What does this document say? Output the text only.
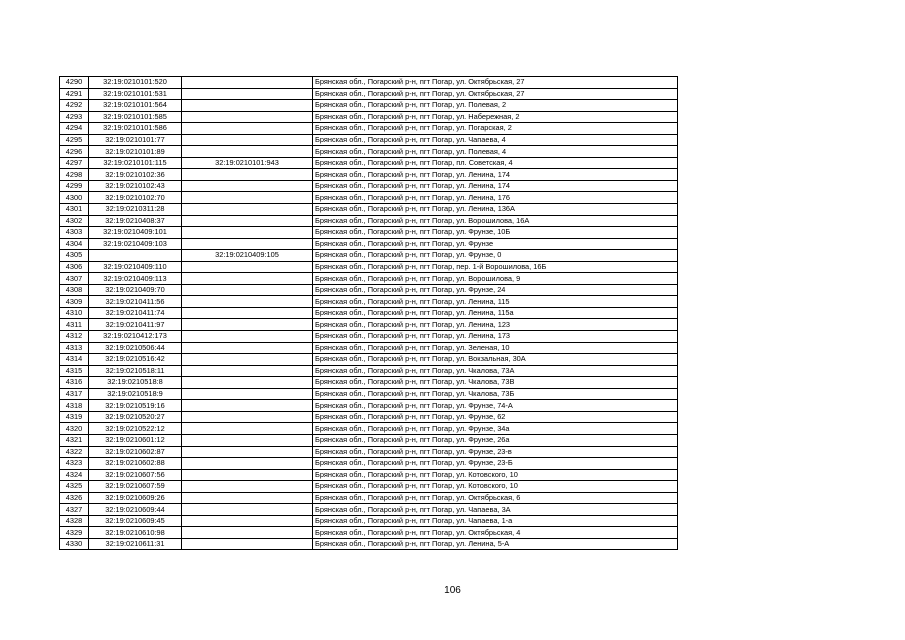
4290	32:19:0210101:520		Брянская обл., Погарский р-н, пгт Погар, ул. Октябрьская, 27
4291	32:19:0210101:531		Брянская обл., Погарский р-н, пгт Погар, ул. Октябрьская, 27
4292	32:19:0210101:564		Брянская обл., Погарский р-н, пгт Погар, ул. Полевая, 2
4293	32:19:0210101:585		Брянская обл., Погарский р-н, пгт Погар, ул. Набережная, 2
4294	32:19:0210101:586		Брянская обл., Погарский р-н, пгт Погар, ул. Погарская, 2
4295	32:19:0210101:77		Брянская обл., Погарский р-н, пгт Погар, ул. Чапаева, 4
4296	32:19:0210101:89		Брянская обл., Погарский р-н, пгт Погар, ул. Полевая, 4
4297	32:19:0210101:115	32:19:0210101:943	Брянская обл., Погарский р-н, пгт Погар, пл. Советская, 4
4298	32:19:0210102:36		Брянская обл., Погарский р-н, пгт Погар, ул. Ленина, 174
4299	32:19:0210102:43		Брянская обл., Погарский р-н, пгт Погар, ул. Ленина, 174
4300	32:19:0210102:70		Брянская обл., Погарский р-н, пгт Погар, ул. Ленина, 176
4301	32:19:0210311:28		Брянская обл., Погарский р-н, пгт Погар, ул. Ленина, 136А
4302	32:19:0210408:37		Брянская обл., Погарский р-н, пгт Погар, ул. Ворошилова, 16А
4303	32:19:0210409:101		Брянская обл., Погарский р-н, пгт Погар, ул. Фрунзе, 10Б
4304	32:19:0210409:103		Брянская обл., Погарский р-н, пгт Погар, ул. Фрунзе
4305		32:19:0210409:105	Брянская обл., Погарский р-н, пгт Погар, ул. Фрунзе, 0
4306	32:19:0210409:110		Брянская обл., Погарский р-н, пгт Погар, пер. 1-й Ворошилова, 16Б
4307	32:19:0210409:113		Брянская обл., Погарский р-н, пгт Погар, ул. Ворошилова, 9
4308	32:19:0210409:70		Брянская обл., Погарский р-н, пгт Погар, ул. Фрунзе, 24
4309	32:19:0210411:56		Брянская обл., Погарский р-н, пгт Погар, ул. Ленина, 115
4310	32:19:0210411:74		Брянская обл., Погарский р-н, пгт Погар, ул. Ленина, 115а
4311	32:19:0210411:97		Брянская обл., Погарский р-н, пгт Погар, ул. Ленина, 123
4312	32:19:0210412:173		Брянская обл., Погарский р-н, пгт Погар, ул. Ленина, 173
4313	32:19:0210506:44		Брянская обл., Погарский р-н, пгт Погар, ул. Зеленая, 10
4314	32:19:0210516:42		Брянская обл., Погарский р-н, пгт Погар, ул. Вокзальная, 30А
4315	32:19:0210518:11		Брянская обл., Погарский р-н, пгт Погар, ул. Чкалова, 73А
4316	32:19:0210518:8		Брянская обл., Погарский р-н, пгт Погар, ул. Чкалова, 73В
4317	32:19:0210518:9		Брянская обл., Погарский р-н, пгт Погар, ул. Чкалова, 73Б
4318	32:19:0210519:16		Брянская обл., Погарский р-н, пгт Погар, ул. Фрунзе, 74-А
4319	32:19:0210520:27		Брянская обл., Погарский р-н, пгт Погар, ул. Фрунзе, 62
4320	32:19:0210522:12		Брянская обл., Погарский р-н, пгт Погар, ул. Фрунзе, 34а
4321	32:19:0210601:12		Брянская обл., Погарский р-н, пгт Погар, ул. Фрунзе, 26а
4322	32:19:0210602:87		Брянская обл., Погарский р-н, пгт Погар, ул. Фрунзе, 23-в
4323	32:19:0210602:88		Брянская обл., Погарский р-н, пгт Погар, ул. Фрунзе, 23-Б
4324	32:19:0210607:56		Брянская обл., Погарский р-н, пгт Погар, ул. Котовского, 10
4325	32:19:0210607:59		Брянская обл., Погарский р-н, пгт Погар, ул. Котовского, 10
4326	32:19:0210609:26		Брянская обл., Погарский р-н, пгт Погар, ул. Октябрьская, 6
4327	32:19:0210609:44		Брянская обл., Погарский р-н, пгт Погар, ул. Чапаева, 3А
4328	32:19:0210609:45		Брянская обл., Погарский р-н, пгт Погар, ул. Чапаева, 1-а
4329	32:19:0210610:98		Брянская обл., Погарский р-н, пгт Погар, ул. Октябрьская, 4
4330	32:19:0210611:31		Брянская обл., Погарский р-н, пгт Погар, ул. Ленина, 5-А
106
